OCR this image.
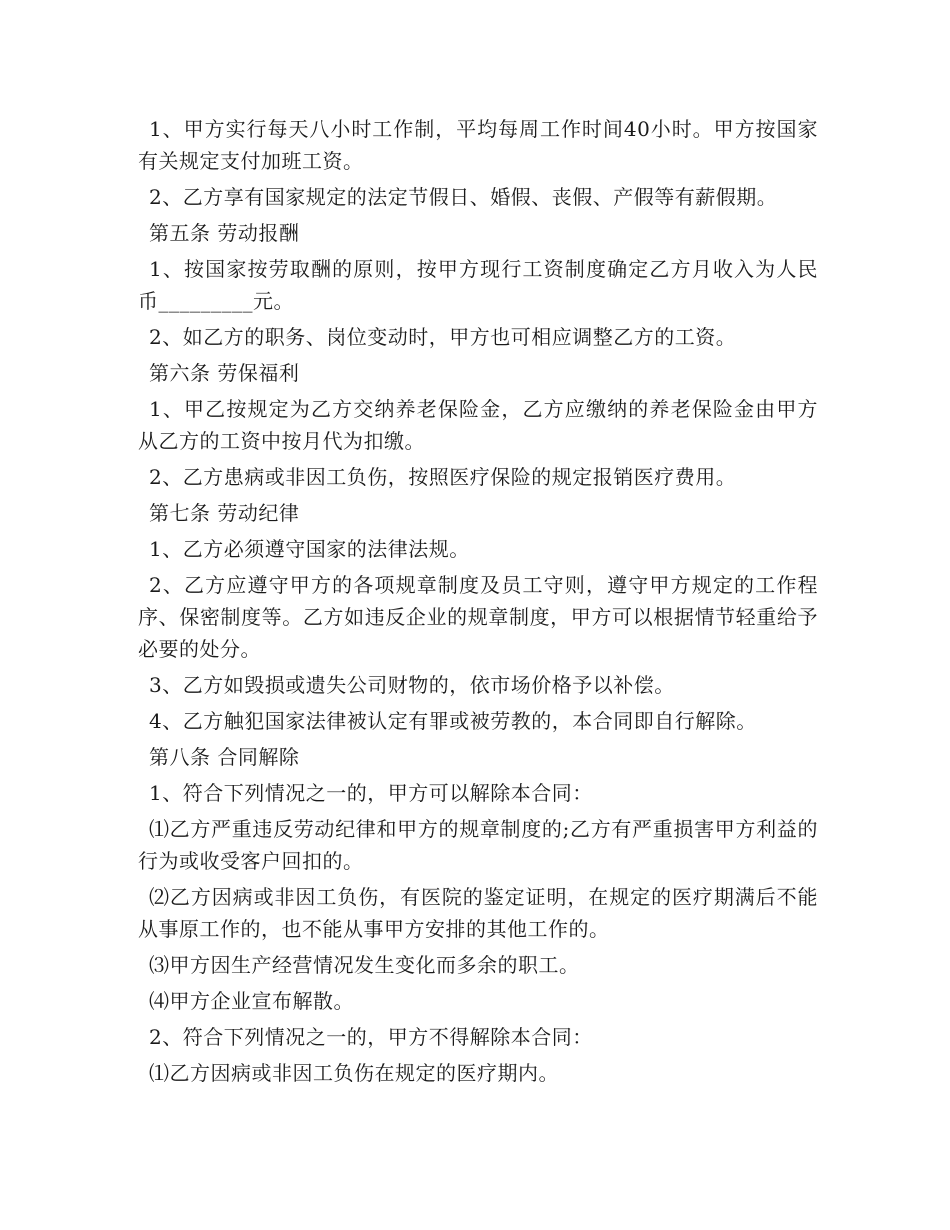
1、甲方实行每天八小时工作制，平均每周工作时间40小时。甲方按国家有关规定支付加班工资。

2、乙方享有国家规定的法定节假日、婚假、丧假、产假等有薪假期。

第五条 劳动报酬

1、按国家按劳取酬的原则，按甲方现行工资制度确定乙方月收入为人民币_________元。

2、如乙方的职务、岗位变动时，甲方也可相应调整乙方的工资。

第六条 劳保福利

1、甲乙按规定为乙方交纳养老保险金，乙方应缴纳的养老保险金由甲方从乙方的工资中按月代为扣缴。

2、乙方患病或非因工负伤，按照医疗保险的规定报销医疗费用。

第七条 劳动纪律

1、乙方必须遵守国家的法律法规。

2、乙方应遵守甲方的各项规章制度及员工守则，遵守甲方规定的工作程序、保密制度等。乙方如违反企业的规章制度，甲方可以根据情节轻重给予必要的处分。

3、乙方如毁损或遗失公司财物的，依市场价格予以补偿。

4、乙方触犯国家法律被认定有罪或被劳教的，本合同即自行解除。

第八条 合同解除

1、符合下列情况之一的，甲方可以解除本合同：

⑴乙方严重违反劳动纪律和甲方的规章制度的;乙方有严重损害甲方利益的行为或收受客户回扣的。

⑵乙方因病或非因工负伤，有医院的鉴定证明，在规定的医疗期满后不能从事原工作的，也不能从事甲方安排的其他工作的。

⑶甲方因生产经营情况发生变化而多余的职工。

⑷甲方企业宣布解散。

2、符合下列情况之一的，甲方不得解除本合同：

⑴乙方因病或非因工负伤在规定的医疗期内。
